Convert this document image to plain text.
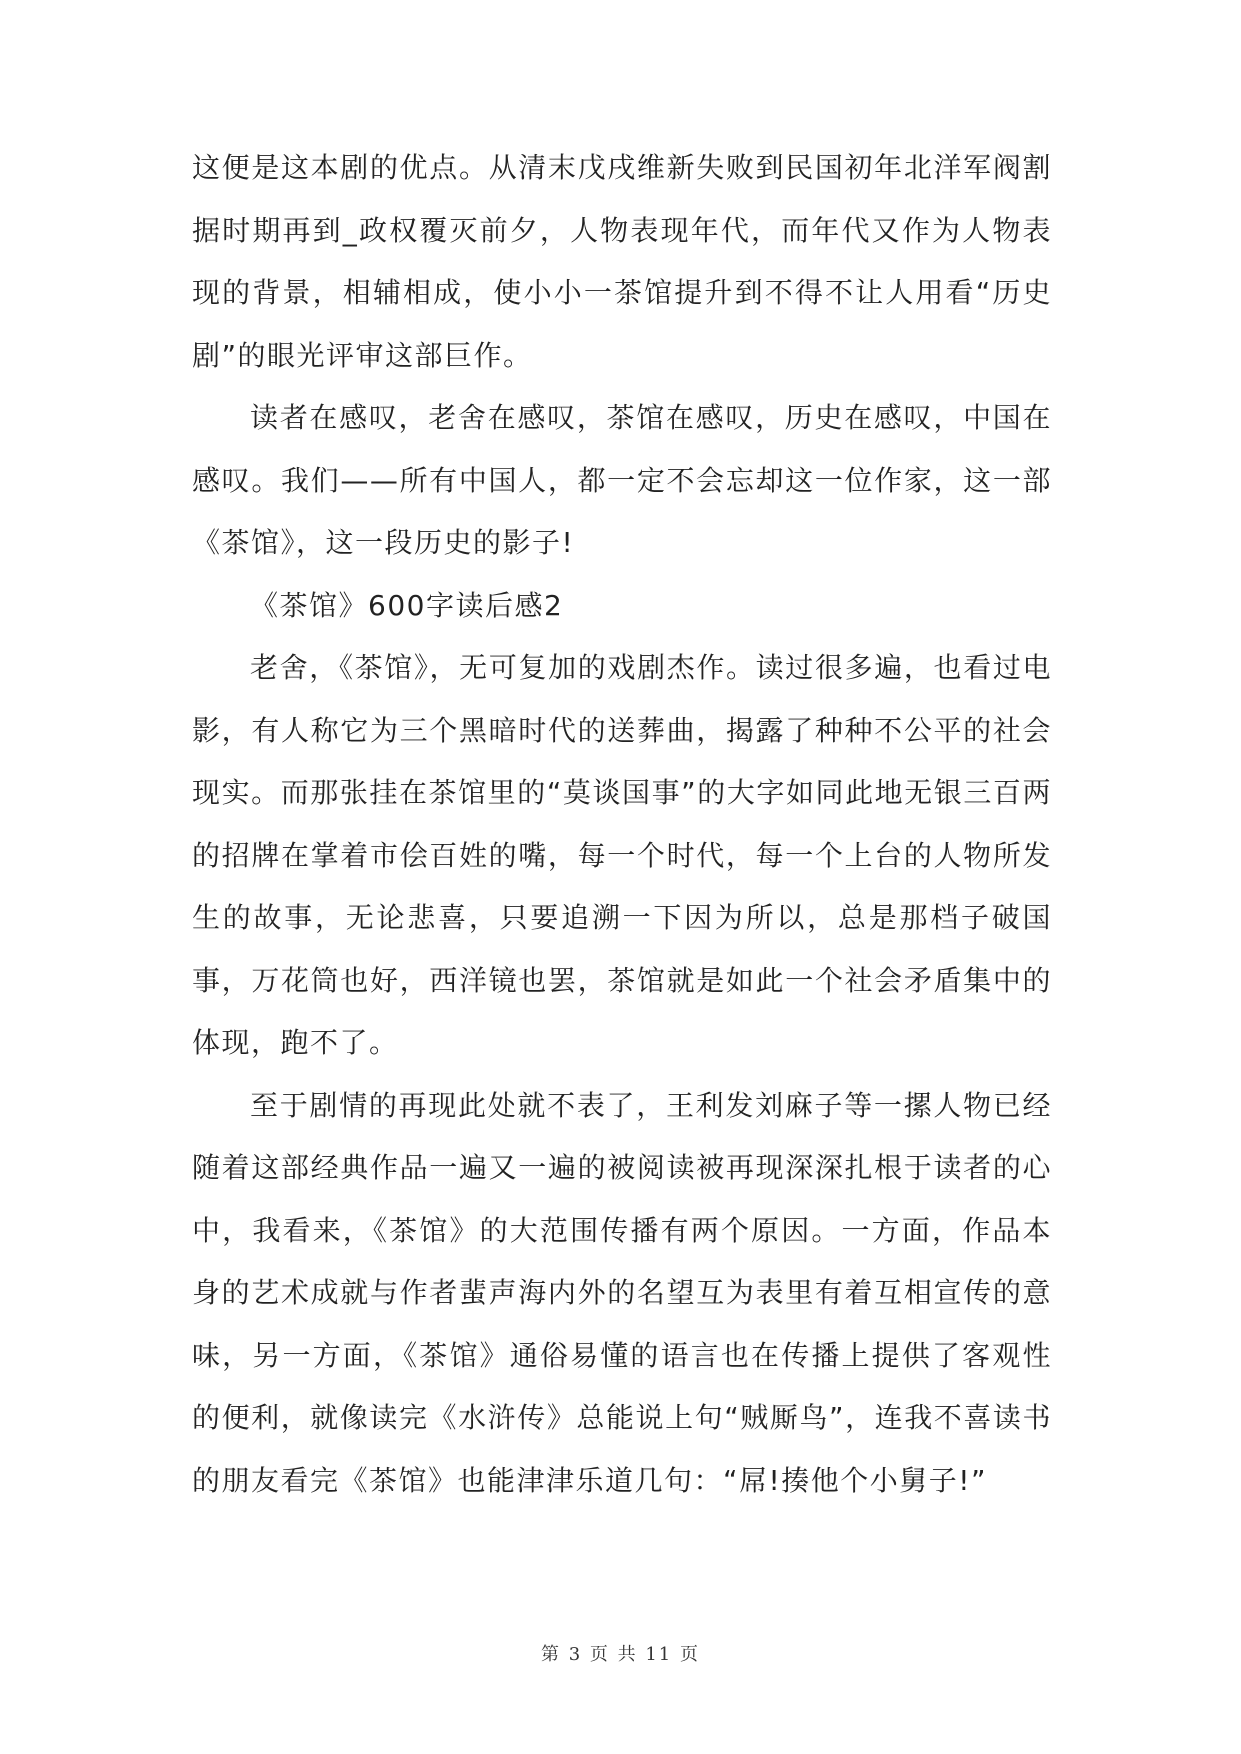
这便是这本剧的优点。从清末戊戌维新失败到民国初年北洋军阀割据时期再到_政权覆灭前夕，人物表现年代，而年代又作为人物表现的背景，相辅相成，使小小一茶馆提升到不得不让人用看“历史剧”的眼光评审这部巨作。

读者在感叹，老舍在感叹，茶馆在感叹，历史在感叹，中国在感叹。我们——所有中国人，都一定不会忘却这一位作家，这一部《茶馆》，这一段历史的影子!

《茶馆》600字读后感2

老舍，《茶馆》，无可复加的戏剧杰作。读过很多遍，也看过电影，有人称它为三个黑暗时代的送葬曲，揭露了种种不公平的社会现实。而那张挂在茶馆里的“莫谈国事”的大字如同此地无银三百两的招牌在掌着市侩百姓的嘴，每一个时代，每一个上台的人物所发生的故事，无论悲喜，只要追溯一下因为所以，总是那档子破国事，万花筒也好，西洋镜也罢，茶馆就是如此一个社会矛盾集中的体现，跑不了。

至于剧情的再现此处就不表了，王利发刘麻子等一摞人物已经随着这部经典作品一遍又一遍的被阅读被再现深深扎根于读者的心中，我看来，《茶馆》的大范围传播有两个原因。一方面，作品本身的艺术成就与作者蜚声海内外的名望互为表里有着互相宣传的意味，另一方面，《茶馆》通俗易懂的语言也在传播上提供了客观性的便利，就像读完《水浒传》总能说上句“贼厮鸟”，连我不喜读书的朋友看完《茶馆》也能津津乐道几句：“屌!揍他个小舅子!”

第 3 页 共 11 页
